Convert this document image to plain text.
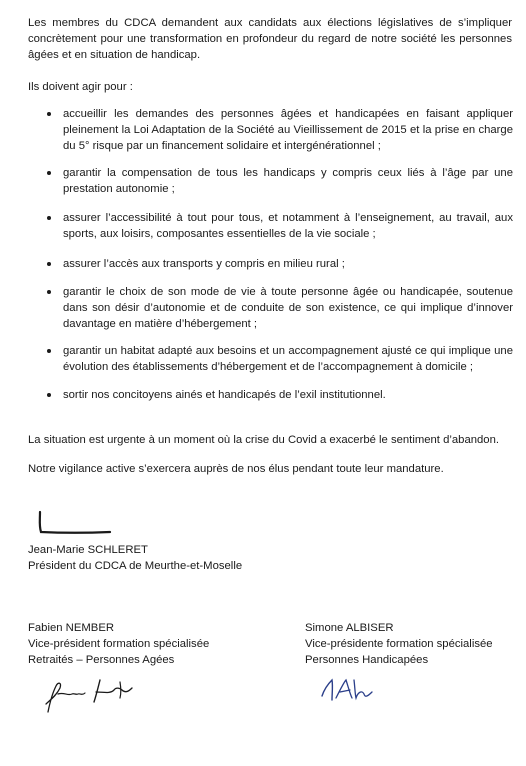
Les membres du CDCA demandent aux candidats aux élections législatives de s’impliquer concrètement pour une transformation en profondeur du regard de notre société les personnes âgées et en situation de handicap.

Ils doivent agir pour :

accueillir les demandes des personnes âgées et handicapées en faisant appliquer pleinement la Loi Adaptation de la Société au Vieillissement de 2015 et la prise en charge du 5° risque par un financement solidaire et intergénérationnel ;
garantir la compensation de tous les handicaps y compris ceux liés à l’âge par une prestation autonomie ;
assurer l’accessibilité à tout pour tous, et notamment à l’enseignement, au travail, aux sports, aux loisirs, composantes essentielles de la vie sociale ;
assurer l’accès aux transports y compris en milieu rural ;
garantir le choix de son mode de vie à toute personne âgée ou handicapée, soutenue dans son désir d’autonomie et de conduite de son existence, ce qui implique d’innover davantage en matière d’hébergement ;
garantir un habitat adapté aux besoins et un accompagnement ajusté ce qui implique une évolution des établissements d’hébergement et de l’accompagnement à domicile ;
sortir nos concitoyens ainés et handicapés de l’exil institutionnel.

La situation est urgente à un moment où la crise du Covid a exacerbé le sentiment d’abandon.

Notre vigilance active s’exercera auprès de nos élus pendant toute leur mandature.

Jean-Marie SCHLERET
Président du CDCA de Meurthe-et-Moselle
Fabien NEMBER
Vice-président formation spécialisée
Retraités – Personnes Agées
Simone ALBISER
Vice-présidente formation spécialisée
Personnes Handicapées
